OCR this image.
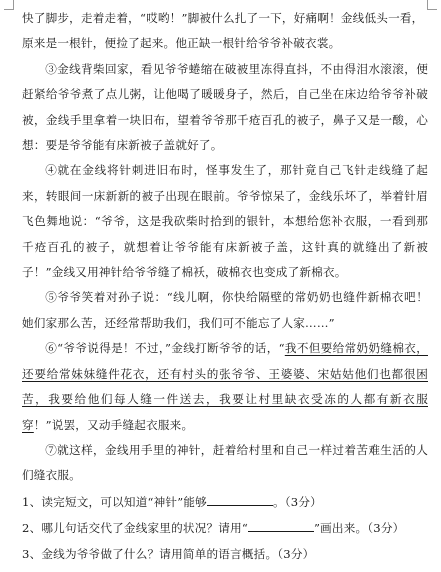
快了脚步，走着走着，“哎哟！”脚被什么扎了一下，好痛啊！金线低头一看，

原来是一根针，便捡了起来。他正缺一根针给爷爷补破衣裳。

③金线背柴回家，看见爷爷蜷缩在破被里冻得直抖，不由得泪水滚滚，便赶紧给爷爷煮了点儿粥，让他喝了暖暖身子，然后，自己坐在床边给爷爷补破被，金线手里拿着一块旧布，望着爷爷那千疮百孔的被子，鼻子又是一酸，心想：要是爷爷能有床新被子盖就好了。

④就在金线将针刺进旧布时，怪事发生了，那针竟自己飞针走线缝了起来，转眼间一床新新的被子出现在眼前。爷爷惊呆了，金线乐坏了，举着针眉飞色舞地说：“爷爷，这是我砍柴时拾到的银针，本想给您补衣服，一看到那千疮百孔的被子，就想着让爷爷能有床新被子盖，这针真的就缝出了新被子！”金线又用神针给爷爷缝了棉袄，破棉衣也变成了新棉衣。

⑤爷爷笑着对孙子说：“线儿啊，你快给隔壁的常奶奶也缝件新棉衣吧！她们家那么苦，还经常帮助我们，我们可不能忘了人家……”

⑥“爷爷说得是！不过，”金线打断爷爷的话，“我不但要给常奶奶缝棉衣，还要给常妹妹缝件花衣，还有村头的张爷爷、王婆婆、宋姑姑他们也都很困苦，我要给他们每人缝一件送去，我要让村里缺衣受冻的人都有新衣服穿！”说罢，又动手缝起衣服来。

⑦就这样，金线用手里的神针，赶着给村里和自己一样过着苦难生活的人们缝衣服。

1、读完短文，可以知道“神针”能够	。（3分）

2、哪儿句话交代了金线家里的状况？请用“	”画出来。（3分）

3、金线为爷爷做了什么？请用简单的语言概括。（3分）
